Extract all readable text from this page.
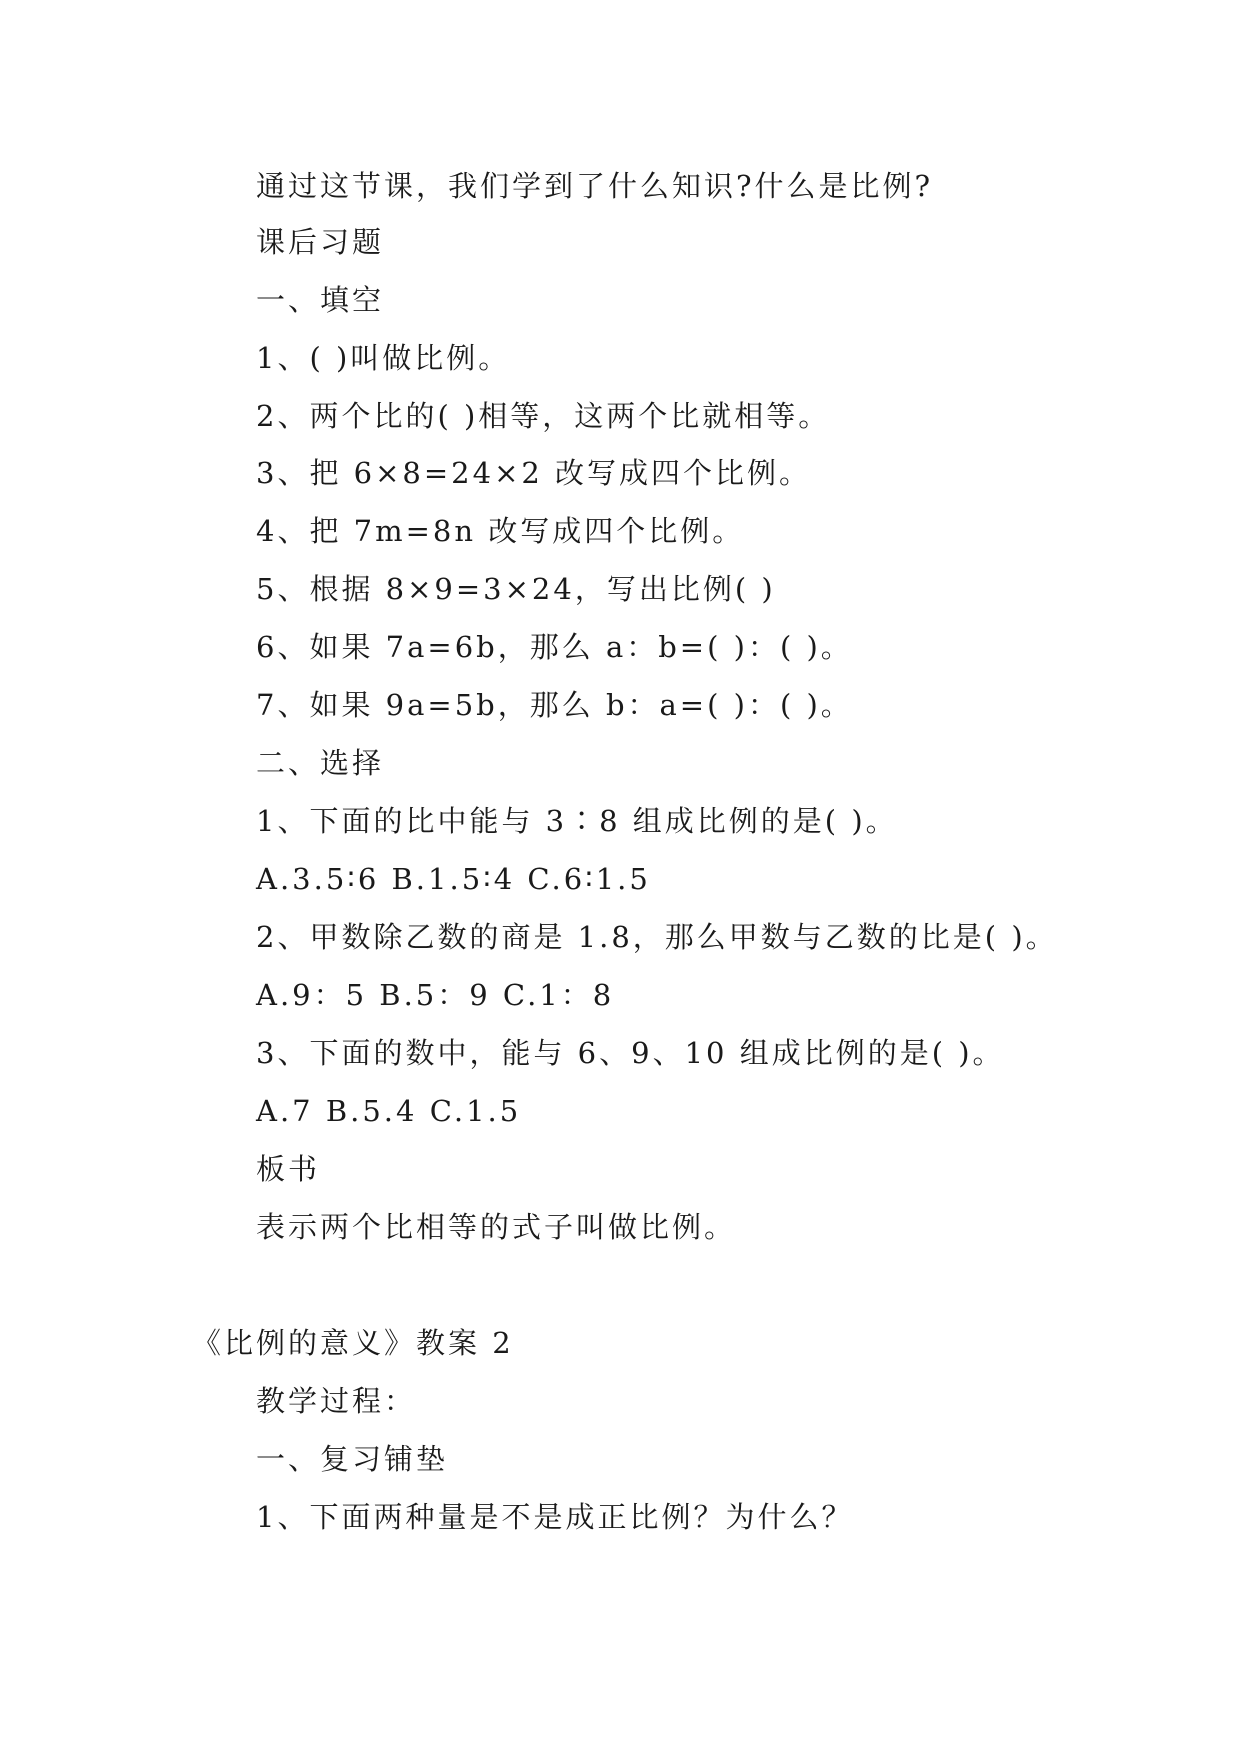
通过这节课，我们学到了什么知识?什么是比例?
课后习题
一、填空
1、( )叫做比例。
2、两个比的( )相等，这两个比就相等。
3、把 6×8=24×2 改写成四个比例。
4、把 7m=8n 改写成四个比例。
5、根据 8×9=3×24，写出比例( )
6、如果 7a=6b，那么 a：b=( )：( )。
7、如果 9a=5b，那么 b：a=( )：( )。
二、选择
1、下面的比中能与 3∶8 组成比例的是( )。
A.3.5∶6 B.1.5∶4 C.6∶1.5
2、甲数除乙数的商是 1.8，那么甲数与乙数的比是( )。
A.9：5 B.5：9 C.1：8
3、下面的数中，能与 6、9、10 组成比例的是( )。
A.7 B.5.4 C.1.5
板书
表示两个比相等的式子叫做比例。
《比例的意义》教案 2
教学过程：
一、复习铺垫
1、下面两种量是不是成正比例？为什么？
